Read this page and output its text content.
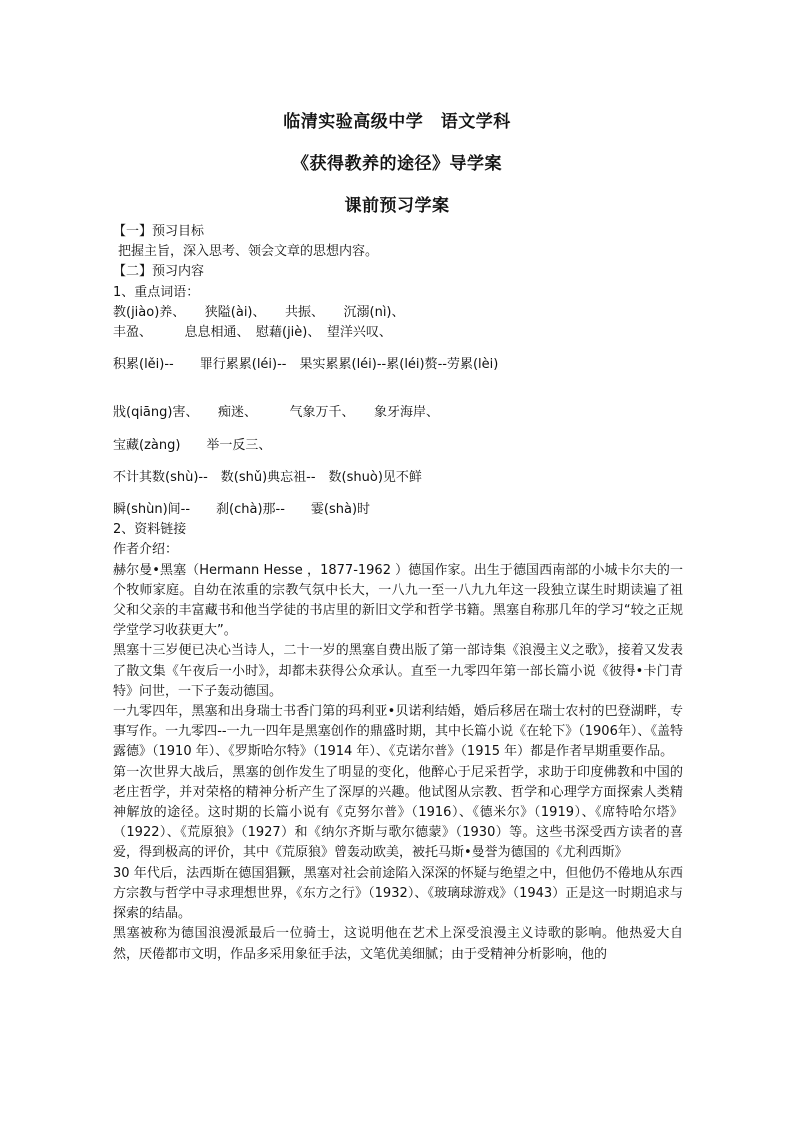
临清实验高级中学　语文学科
《获得教养的途径》导学案
课前预习学案

【一】预习目标

把握主旨，深入思考、领会文章的思想内容。

【二】预习内容

1、重点词语：

教(jiào)养、　　狭隘(ài)、　　共振、　　沉溺(nì)、

丰盈、　　　息息相通、　慰藉(jiè)、　望洋兴叹、

积累(lěi)--　　罪行累累(léi)--　果实累累(léi)--累(léi)赘--劳累(lèi)

戕(qiāng)害、　　痴迷、　　　气象万千、　　象牙海岸、

宝藏(zàng)　　举一反三、

不计其数(shù)--　数(shǔ)典忘祖--　数(shuò)见不鲜

瞬(shùn)间--　　刹(chà)那--　　霎(shà)时

2、资料链接

作者介绍：

赫尔曼•黑塞（Hermann Hesse ，1877-1962 ）德国作家。出生于德国西南部的小城卡尔夫的一个牧师家庭。自幼在浓重的宗教气氛中长大，一八九一至一八九九年这一段独立谋生时期读遍了祖父和父亲的丰富藏书和他当学徒的书店里的新旧文学和哲学书籍。黑塞自称那几年的学习“较之正规学堂学习收获更大”。

黑塞十三岁便已决心当诗人，二十一岁的黑塞自费出版了第一部诗集《浪漫主义之歌》，接着又发表了散文集《午夜后一小时》，却都未获得公众承认。直至一九零四年第一部长篇小说《彼得•卡门青特》问世，一下子轰动德国。

一九零四年，黑塞和出身瑞士书香门第的玛利亚•贝诺利结婚，婚后移居在瑞士农村的巴登湖畔，专事写作。一九零四--一九一四年是黑塞创作的鼎盛时期，其中长篇小说《在轮下》（1906年）、《盖特露德》（1910 年）、《罗斯哈尔特》（1914 年）、《克诺尔普》（1915 年）都是作者早期重要作品。

第一次世界大战后，黑塞的创作发生了明显的变化，他醉心于尼采哲学，求助于印度佛教和中国的老庄哲学，并对荣格的精神分析产生了深厚的兴趣。他试图从宗教、哲学和心理学方面探索人类精神解放的途径。这时期的长篇小说有《克努尔普》（1916）、《德米尔》（1919）、《席特哈尔塔》（1922）、《荒原狼》（1927）和《纳尔齐斯与歌尔德蒙》（1930）等。这些书深受西方读者的喜爱，得到极高的评价，其中《荒原狼》曾轰动欧美，被托马斯•曼誉为德国的《尤利西斯》

30 年代后，法西斯在德国猖獗，黑塞对社会前途陷入深深的怀疑与绝望之中，但他仍不倦地从东西方宗教与哲学中寻求理想世界，《东方之行》（1932）、《玻璃球游戏》（1943）正是这一时期追求与探索的结晶。

黑塞被称为德国浪漫派最后一位骑士，这说明他在艺术上深受浪漫主义诗歌的影响。他热爱大自然，厌倦都市文明，作品多采用象征手法，文笔优美细腻；由于受精神分析影响，他的
